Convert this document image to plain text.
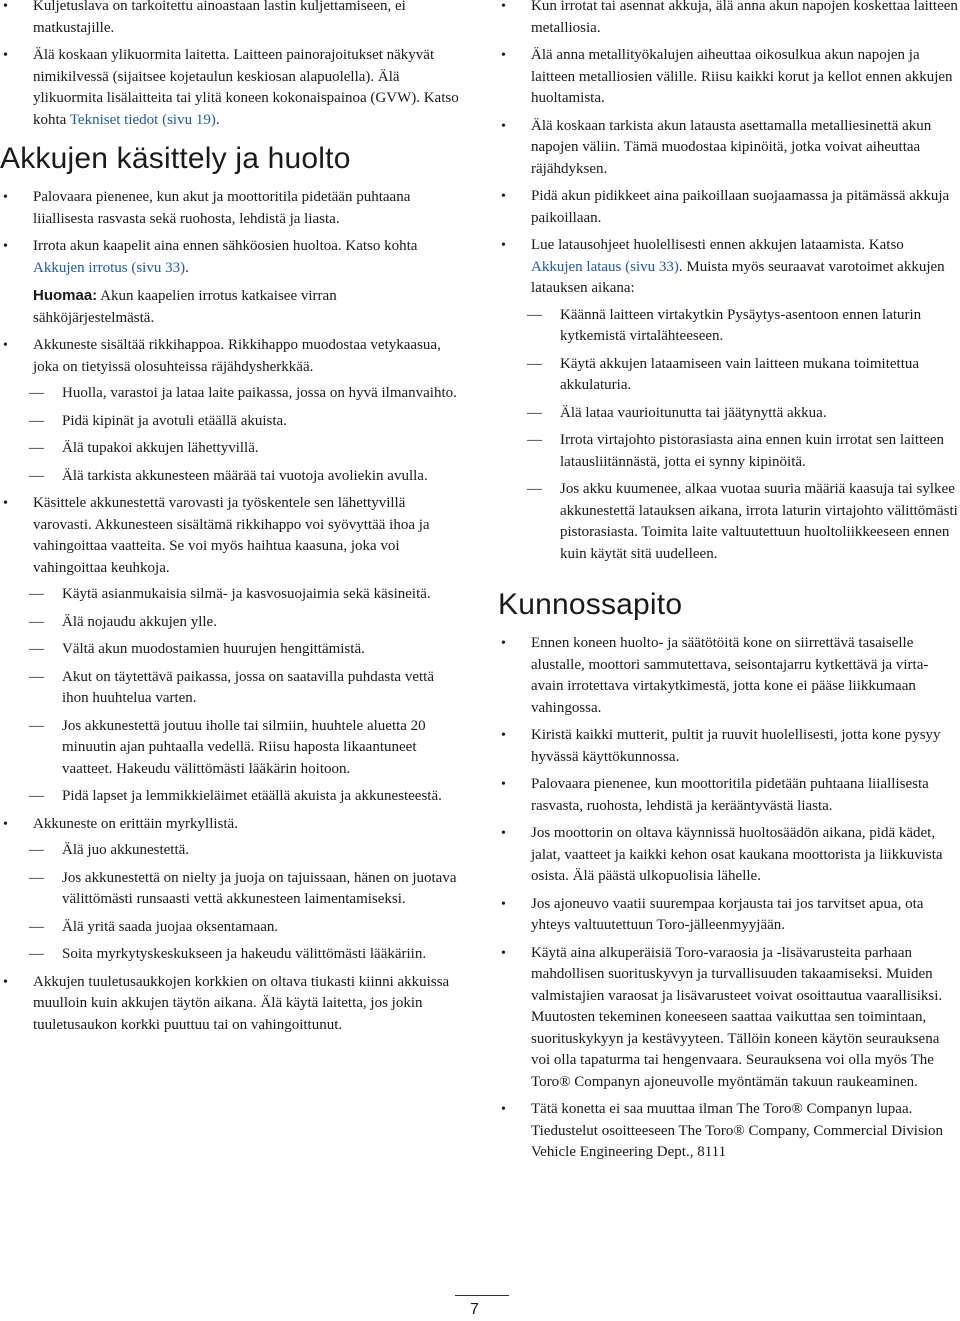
• Kuljetuslava on tarkoitettu ainoastaan lastin kuljettamiseen, ei matkustajille.
• Älä koskaan ylikuormita laitetta. Laitteen painorajoitukset näkyvät nimikilvessä (sijaitsee kojetaulun keskiosan alapuolella). Älä ylikuormita lisälaitteita tai ylitä koneen kokonaispainoa (GVW). Katso kohta Tekniset tiedot (sivu 19).
Akkujen käsittely ja huolto
• Palovaara pienenee, kun akut ja moottoritila pidetään puhtaana liiallisesta rasvasta sekä ruohosta, lehdistä ja liasta.
• Irrota akun kaapelit aina ennen sähköosien huoltoa. Katso kohta Akkujen irrotus (sivu 33).

Huomaa: Akun kaapelien irrotus katkaisee virran sähköjärjestelmästä.

• Akkuneste sisältää rikkihappoa. Rikkihappo muodostaa vetykaasua, joka on tietyissä olosuhteissa räjähdysherkkää.
— Huolla, varastoi ja lataa laite paikassa, jossa on hyvä ilmanvaihto.
— Pidä kipinät ja avotuli etäällä akuista.
— Älä tupakoi akkujen lähettyvillä.
— Älä tarkista akkunesteen määrää tai vuotoja avoliekin avulla.
• Käsittele akkunestettä varovasti ja työskentele sen lähettyvillä varovasti. Akkunesteen sisältämä rikkihappo voi syövyttää ihoa ja vahingoittaa vaatteita. Se voi myös haihtua kaasuna, joka voi vahingoittaa keuhkoja.
— Käytä asianmukaisia silmä- ja kasvosuojaimia sekä käsineitä.
— Älä nojaudu akkujen ylle.
— Vältä akun muodostamien huurujen hengittämistä.
— Akut on täytettävä paikassa, jossa on saatavilla puhdasta vettä ihon huuhtelua varten.
— Jos akkunestettä joutuu iholle tai silmiin, huuhtele aluetta 20 minuutin ajan puhtaalla vedellä. Riisu haposta likaantuneet vaatteet. Hakeudu välittömästi lääkärin hoitoon.
— Pidä lapset ja lemmikkieläimet etäällä akuista ja akkunesteestä.
• Akkuneste on erittäin myrkyllistä.
— Älä juo akkunestettä.
— Jos akkunestettä on nielty ja juoja on tajuissaan, hänen on juotava välittömästi runsaasti vettä akkunesteen laimentamiseksi.
— Älä yritä saada juojaa oksentamaan.
— Soita myrkytyskeskukseen ja hakeudu välittömästi lääkäriin.
• Akkujen tuuletusaukkojen korkkien on oltava tiukasti kiinni akkuissa muulloin kuin akkujen täytön aikana. Älä käytä laitetta, jos jokin tuuletusaukon korkki puuttuu tai on vahingoittunut.
• Kun irrotat tai asennat akkuja, älä anna akun napojen koskettaa laitteen metalliosia.
• Älä anna metallityökalujen aiheuttaa oikosulkua akun napojen ja laitteen metalliosien välille. Riisu kaikki korut ja kellot ennen akkujen huoltamista.
• Älä koskaan tarkista akun latausta asettamalla metalliesinettä akun napojen väliin. Tämä muodostaa kipinöitä, jotka voivat aiheuttaa räjähdyksen.
• Pidä akun pidikkeet aina paikoillaan suojaamassa ja pitämässä akkuja paikoillaan.
• Lue latausohjeet huolellisesti ennen akkujen lataamista. Katso Akkujen lataus (sivu 33). Muista myös seuraavat varotoimet akkujen latauksen aikana:
— Käännä laitteen virtakytkin Pysäytys-asentoon ennen laturin kytkemistä virtalähteeseen.
— Käytä akkujen lataamiseen vain laitteen mukana toimitettua akkulaturia.
— Älä lataa vaurioitunutta tai jäätynyttä akkua.
— Irrota virtajohto pistorasiasta aina ennen kuin irrotat sen laitteen latausliitännästä, jotta ei synny kipinöitä.
— Jos akku kuumenee, alkaa vuotaa suuria määriä kaasuja tai sylkee akkunestettä latauksen aikana, irrota laturin virtajohto välittömästi pistorasiasta. Toimita laite valtuutettuun huoltoliikkeeseen ennen kuin käytät sitä uudelleen.
Kunnossapito
• Ennen koneen huolto- ja säätötöitä kone on siirrettävä tasaiselle alustalle, moottori sammutettava, seisontajarru kytkettävä ja virta-avain irrotettava virtakytkimestä, jotta kone ei pääse liikkumaan vahingossa.
• Kiristä kaikki mutterit, pultit ja ruuvit huolellisesti, jotta kone pysyy hyvässä käyttökunnossa.
• Palovaara pienenee, kun moottoritila pidetään puhtaana liiallisesta rasvasta, ruohosta, lehdistä ja kerääntyvästä liasta.
• Jos moottorin on oltava käynnissä huoltosäädön aikana, pidä kädet, jalat, vaatteet ja kaikki kehon osat kaukana moottorista ja liikkuvista osista. Älä päästä ulkopuolisia lähelle.
• Jos ajoneuvo vaatii suurempaa korjausta tai jos tarvitset apua, ota yhteys valtuutettuun Toro-jälleenmyyjään.
• Käytä aina alkuperäisiä Toro-varaosia ja -lisävarusteita parhaan mahdollisen suorituskyvyn ja turvallisuuden takaamiseksi. Muiden valmistajien varaosat ja lisävarusteet voivat osoittautua vaarallisiksi. Muutosten tekeminen koneeseen saattaa vaikuttaa sen toimintaan, suorituskykyyn ja kestävyyteen. Tällöin koneen käytön seurauksena voi olla tapaturma tai hengenvaara. Seurauksena voi olla myös The Toro® Companyn ajoneuvolle myöntämän takuun raukeaminen.
• Tätä konetta ei saa muuttaa ilman The Toro® Companyn lupaa. Tiedustelut osoitteeseen The Toro® Company, Commercial Division Vehicle Engineering Dept., 8111
7
